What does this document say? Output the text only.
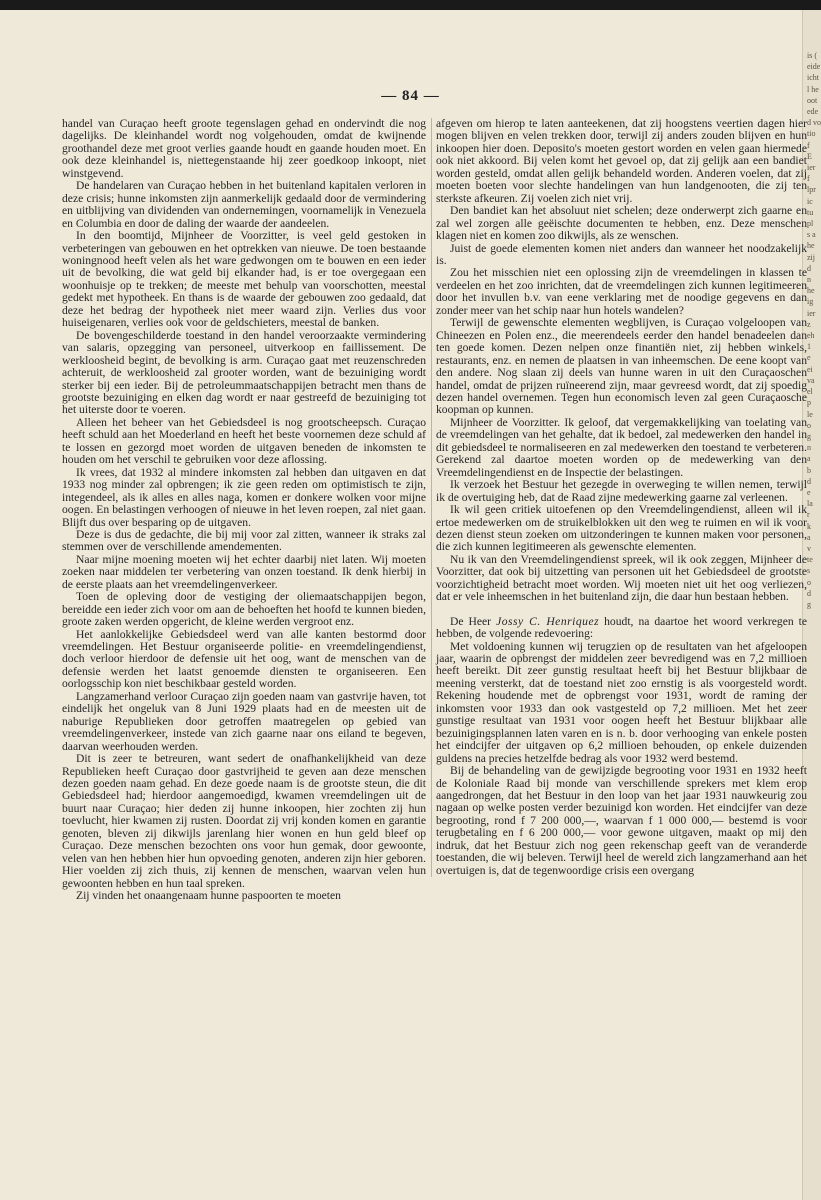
is (
eide
icht
l he
oot
ede
d vo
tio
f
E
ier
f
lpr
ic
tu
pl
s a
he
zij
d
n
he
ig
ier
z
eh
1
e
ei
va
el
p
le
o
g
n
a
b
d
e
la
r
k
a
v
te
s
o
d
g
— 84 —

handel van Curaçao heeft groote tegenslagen gehad en ondervindt die nog dagelijks. De kleinhandel wordt nog volgehouden, omdat de kwijnende groothandel deze met groot verlies gaande houdt en gaande houden moet. En ook deze kleinhandel is, niettegenstaande hij zeer goedkoop inkoopt, niet winstgevend.

De handelaren van Curaçao hebben in het buitenland kapitalen verloren in deze crisis; hunne inkomsten zijn aanmerkelijk gedaald door de vermindering en uitblijving van dividenden van ondernemingen, voornamelijk in Venezuela en Columbia en door de daling der waarde der aandeelen.

In den boomtijd, Mijnheer de Voorzitter, is veel geld gestoken in verbeteringen van gebouwen en het optrekken van nieuwe. De toen bestaande woningnood heeft velen als het ware gedwongen om te bouwen en een ieder uit de bevolking, die wat geld bij elkander had, is er toe overgegaan een woonhuisje op te trekken; de meeste met behulp van voorschotten, meestal gedekt met hypotheek. En thans is de waarde der gebouwen zoo gedaald, dat deze het bedrag der hypotheek niet meer waard zijn. Verlies dus voor huiseigenaren, verlies ook voor de geldschieters, meestal de banken.

De bovengeschilderde toestand in den handel veroorzaakte vermindering van salaris, opzegging van personeel, uitverkoop en faillissement. De werkloosheid begint, de bevolking is arm. Curaçao gaat met reuzenschreden achteruit, de werkloosheid zal grooter worden, want de bezuiniging wordt sterker bij een ieder. Bij de petroleummaatschappijen betracht men thans de grootste bezuiniging en elken dag wordt er naar gestreefd de bezuiniging tot het uiterste door te voeren.

Alleen het beheer van het Gebiedsdeel is nog grootscheepsch. Curaçao heeft schuld aan het Moederland en heeft het beste voornemen deze schuld af te lossen en gezorgd moet worden de uitgaven beneden de inkomsten te houden om het verschil te gebruiken voor deze aflossing.

Ik vrees, dat 1932 al mindere inkomsten zal hebben dan uitgaven en dat 1933 nog minder zal opbrengen; ik zie geen reden om optimistisch te zijn, integendeel, als ik alles en alles naga, komen er donkere wolken voor mijne oogen. En belastingen verhoogen of nieuwe in het leven roepen, zal niet gaan. Blijft dus over besparing op de uitgaven.

Deze is dus de gedachte, die bij mij voor zal zitten, wanneer ik straks zal stemmen over de verschillende amendementen.

Naar mijne moening moeten wij het echter daarbij niet laten. Wij moeten zoeken naar middelen ter verbetering van onzen toestand. Ik denk hierbij in de eerste plaats aan het vreemdelingenverkeer.

Toen de opleving door de vestiging der oliemaatschappijen begon, bereidde een ieder zich voor om aan de behoeften het hoofd te kunnen bieden, groote zaken werden opgericht, de kleine werden vergroot enz.

Het aanlokkelijke Gebiedsdeel werd van alle kanten bestormd door vreemdelingen. Het Bestuur organiseerde politie- en vreemdelingendienst, doch verloor hierdoor de defensie uit het oog, want de menschen van de defensie werden het laatst genoemde diensten te organiseeren. Een oorlogsschip kon niet beschikbaar gesteld worden.

Langzamerhand verloor Curaçao zijn goeden naam van gastvrije haven, tot eindelijk het ongeluk van 8 Juni 1929 plaats had en de meesten uit de naburige Republieken door getroffen maatregelen op gebied van vreemdelingenverkeer, instede van zich gaarne naar ons eiland te begeven, daarvan weerhouden werden.

Dit is zeer te betreuren, want sedert de onafhankelijkheid van deze Republieken heeft Curaçao door gastvrijheid te geven aan deze menschen dezen goeden naam gehad. En deze goede naam is de grootste steun, die dit Gebiedsdeel had; hierdoor aangemoedigd, kwamen vreemdelingen uit de buurt naar Curaçao; hier deden zij hunne inkoopen, hier zochten zij hun toevlucht, hier kwamen zij rusten. Doordat zij vrij konden komen en garantie genoten, bleven zij dikwijls jarenlang hier wonen en hun geld bleef op Curaçao. Deze menschen bezochten ons voor hun gemak, door gewoonte, velen van hen hebben hier hun opvoeding genoten, anderen zijn hier geboren. Hier voelden zij zich thuis, zij kennen de menschen, waarvan velen hun gewoonten hebben en hun taal spreken.

Zij vinden het onaangenaam hunne paspoorten te moeten

afgeven om hierop te laten aanteekenen, dat zij hoogstens veertien dagen hier mogen blijven en velen trekken door, terwijl zij anders zouden blijven en hun inkoopen hier doen. Deposito's moeten gestort worden en velen gaan hiermede ook niet akkoord. Bij velen komt het gevoel op, dat zij gelijk aan een bandiet worden gesteld, omdat allen gelijk behandeld worden. Anderen voelen, dat zij moeten boeten voor slechte handelingen van hun landgenooten, die zij ten sterkste afkeuren. Zij voelen zich niet vrij.

Den bandiet kan het absoluut niet schelen; deze onderwerpt zich gaarne en zal wel zorgen alle geëischte documenten te hebben, enz. Deze menschen klagen niet en komen zoo dikwijls, als ze wenschen.

Juist de goede elementen komen niet anders dan wanneer het noodzakelijk is.

Zou het misschien niet een oplossing zijn de vreemdelingen in klassen te verdeelen en het zoo inrichten, dat de vreemdelingen zich kunnen legitimeeren door het invullen b.v. van eene verklaring met de noodige gegevens en dan zonder meer van het schip naar hun hotels wandelen?

Terwijl de gewenschte elementen wegblijven, is Curaçao volgeloopen van Chineezen en Polen enz., die meerendeels eerder den handel benadeelen dan ten goede komen. Dezen nelpen onze finantiën niet, zij hebben winkels, restaurants, enz. en nemen de plaatsen in van inheemschen. De eene koopt van den andere. Nog slaan zij deels van hunne waren in uit den Curaçaoschen handel, omdat de prijzen ruïneerend zijn, maar gevreesd wordt, dat zij spoedig dezen handel overnemen. Tegen hun economisch leven zal geen Curaçaosche koopman op kunnen.

Mijnheer de Voorzitter. Ik geloof, dat vergemakkelijking van toelating van de vreemdelingen van het gehalte, dat ik bedoel, zal medewerken den handel in dit gebiedsdeel te normaliseeren en zal medewerken den toestand te verbeteren. Gerekend zal daartoe moeten worden op de medewerking van den Vreemdelingendienst en de Inspectie der belastingen.

Ik verzoek het Bestuur het gezegde in overweging te willen nemen, terwijl ik de overtuiging heb, dat de Raad zijne medewerking gaarne zal verleenen.

Ik wil geen critiek uitoefenen op den Vreemdelingendienst, alleen wil ik ertoe medewerken om de struikelblokken uit den weg te ruimen en wil ik voor dezen dienst steun zoeken om uitzonderingen te kunnen maken voor personen, die zich kunnen legitimeeren als gewenschte elementen.

Nu ik van den Vreemdelingendienst spreek, wil ik ook zeggen, Mijnheer de Voorzitter, dat ook bij uitzetting van personen uit het Gebiedsdeel de grootste voorzichtigheid betracht moet worden. Wij moeten niet uit het oog verliezen, dat er vele inheemschen in het buitenland zijn, die daar hun bestaan hebben.

De Heer Jossy C. Henriquez houdt, na daartoe het woord verkregen te hebben, de volgende redevoering:

Met voldoening kunnen wij terugzien op de resultaten van het afgeloopen jaar, waarin de opbrengst der middelen zeer bevredigend was en 7,2 millioen heeft bereikt. Dit zeer gunstig resultaat heeft bij het Bestuur blijkbaar de meening versterkt, dat de toestand niet zoo ernstig is als voorgesteld wordt. Rekening houdende met de opbrengst voor 1931, wordt de raming der inkomsten voor 1933 dan ook vastgesteld op 7,2 millioen. Met het zeer gunstige resultaat van 1931 voor oogen heeft het Bestuur blijkbaar alle bezuinigingsplannen laten varen en is n. b. door verhooging van enkele posten het eindcijfer der uitgaven op 6,2 millioen behouden, op enkele duizenden guldens na precies hetzelfde bedrag als voor 1932 werd bestemd.

Bij de behandeling van de gewijzigde begrooting voor 1931 en 1932 heeft de Koloniale Raad bij monde van verschillende sprekers met klem erop aangedrongen, dat het Bestuur in den loop van het jaar 1931 nauwkeurig zou nagaan op welke posten verder bezuinigd kon worden. Het eindcijfer van deze begrooting, rond f 7 200 000,—, waarvan f 1 000 000,— bestemd is voor terugbetaling en f 6 200 000,— voor gewone uitgaven, maakt op mij den indruk, dat het Bestuur zich nog geen rekenschap geeft van de veranderde toestanden, die wij beleven. Terwijl heel de wereld zich langzamerhand aan het overtuigen is, dat de tegenwoordige crisis een overgang
